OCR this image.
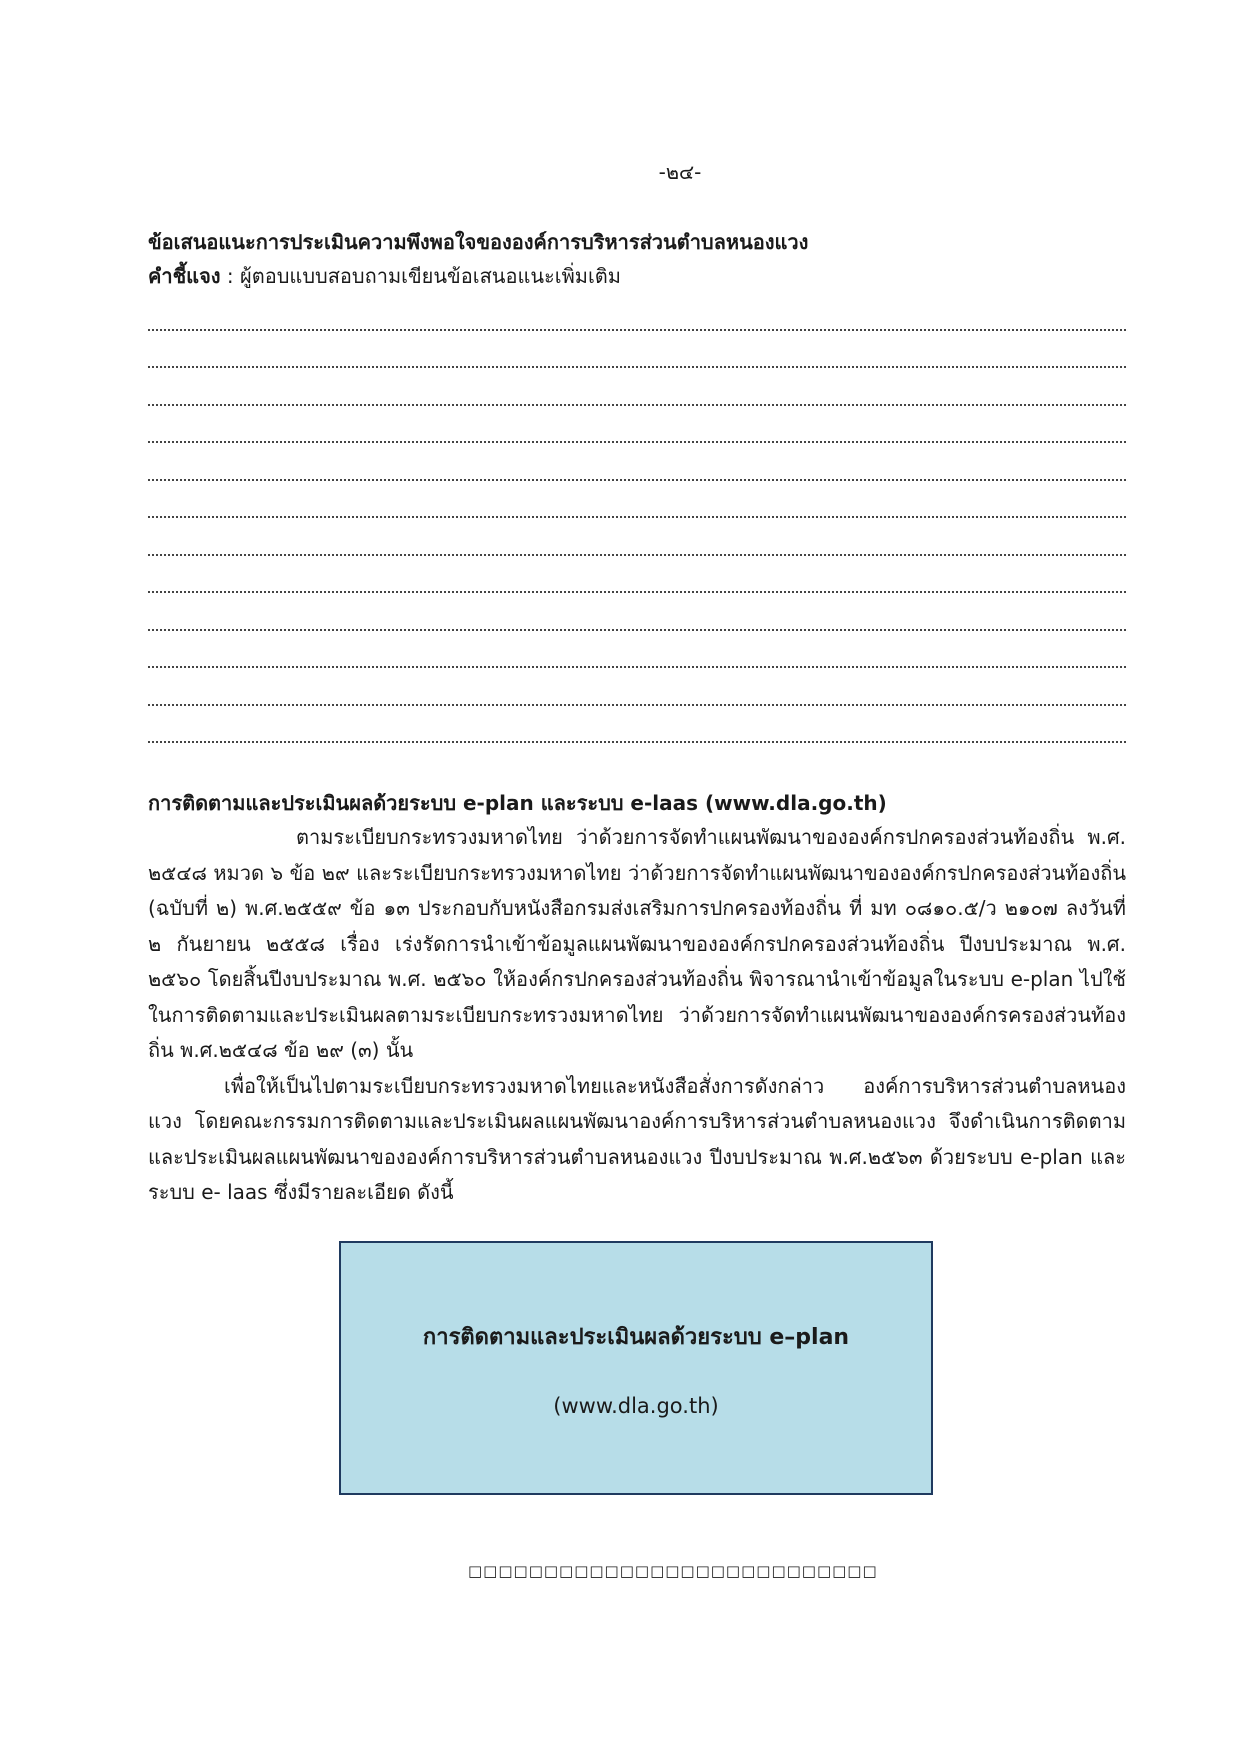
-๒๔-
ข้อเสนอแนะการประเมินความพึงพอใจขององค์การบริหารส่วนตำบลหนองแวง
คำชี้แจง : ผู้ตอบแบบสอบถามเขียนข้อเสนอแนะเพิ่มเติม
การติดตามและประเมินผลด้วยระบบ e-plan และระบบ e-laas (www.dla.go.th)

ตามระเบียบกระทรวงมหาดไทย ว่าด้วยการจัดทำแผนพัฒนาขององค์กรปกครองส่วนท้องถิ่น พ.ศ. ๒๕๔๘ หมวด ๖ ข้อ ๒๙ และระเบียบกระทรวงมหาดไทย ว่าด้วยการจัดทำแผนพัฒนาขององค์กรปกครองส่วนท้องถิ่น (ฉบับที่ ๒) พ.ศ.๒๕๕๙ ข้อ ๑๓ ประกอบกับหนังสือกรมส่งเสริมการปกครองท้องถิ่น ที่ มท ๐๘๑๐.๕/ว ๒๑๐๗ ลงวันที่ ๒ กันยายน ๒๕๕๘ เรื่อง เร่งรัดการนำเข้าข้อมูลแผนพัฒนาขององค์กรปกครองส่วนท้องถิ่น ปีงบประมาณ พ.ศ. ๒๕๖๐ โดยสิ้นปีงบประมาณ พ.ศ. ๒๕๖๐ ให้องค์กรปกครองส่วนท้องถิ่น พิจารณานำเข้าข้อมูลในระบบ e-plan ไปใช้ในการติดตามและประเมินผลตามระเบียบกระทรวงมหาดไทย ว่าด้วยการจัดทำแผนพัฒนาขององค์กรครองส่วนท้องถิ่น พ.ศ.๒๕๔๘ ข้อ ๒๙ (๓) นั้น

เพื่อให้เป็นไปตามระเบียบกระทรวงมหาดไทยและหนังสือสั่งการดังกล่าว องค์การบริหารส่วนตำบลหนองแวง โดยคณะกรรมการติดตามและประเมินผลแผนพัฒนาองค์การบริหารส่วนตำบลหนองแวง จึงดำเนินการติดตามและประเมินผลแผนพัฒนาขององค์การบริหารส่วนตำบลหนองแวง ปีงบประมาณ พ.ศ.๒๕๖๓ ด้วยระบบ e-plan และระบบ e- laas ซึ่งมีรายละเอียด ดังนี้

การติดตามและประเมินผลด้วยระบบ e–plan
(www.dla.go.th)
□□□□□□□□□□□□□□□□□□□□□□□□□□□
